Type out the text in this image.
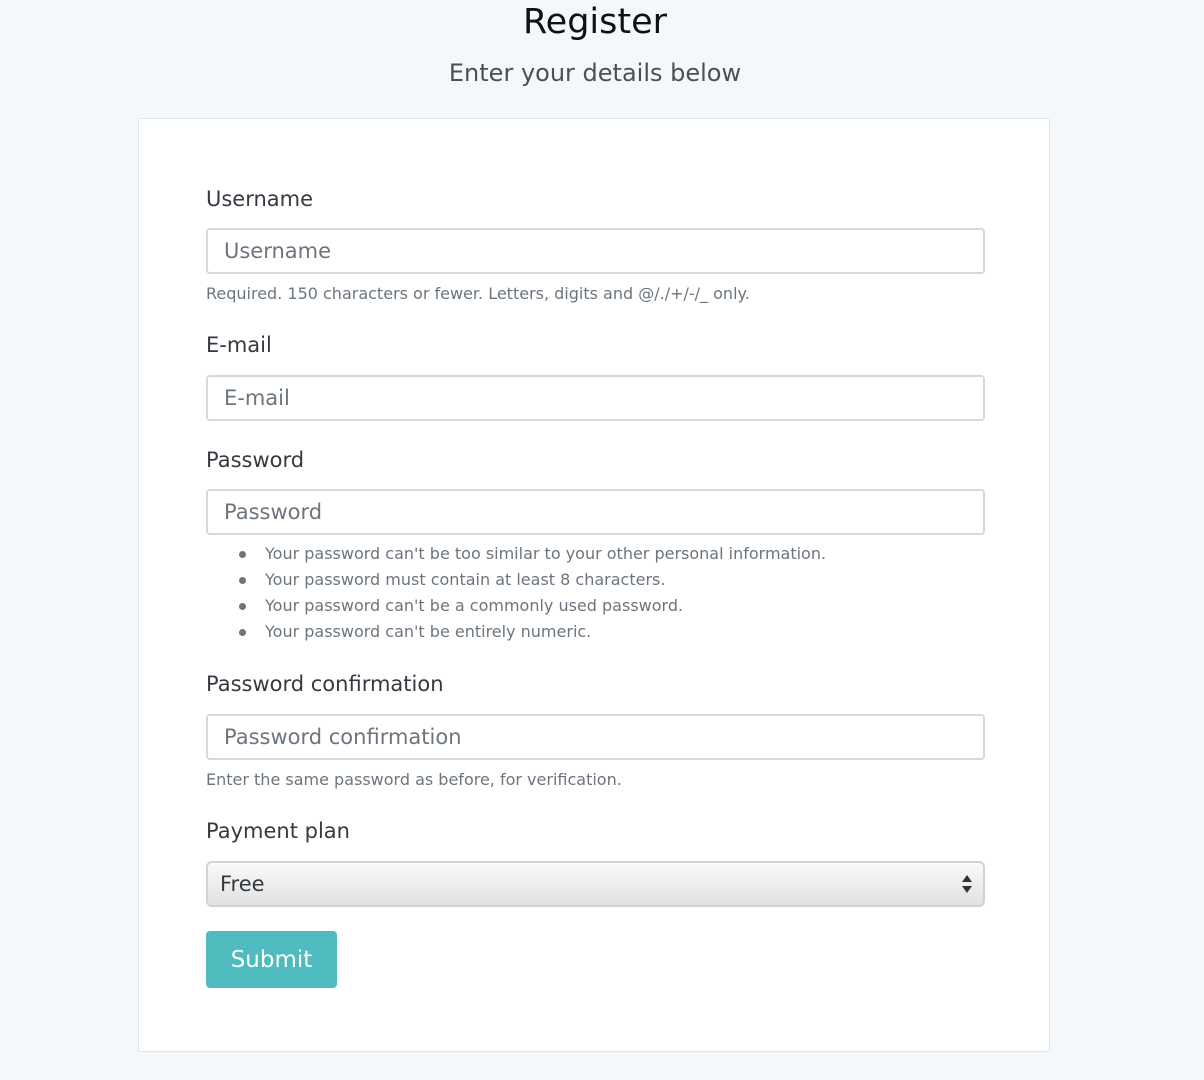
Register
Enter your details below
Username
Username
Required. 150 characters or fewer. Letters, digits and @/./+/-/_ only.
E-mail
E-mail
Password
Your password can't be too similar to your other personal information.
Your password must contain at least 8 characters.
Your password can't be a commonly used password.
Your password can't be entirely numeric.
Password confirmation
Enter the same password as before, for verification.
Payment plan
Free
Submit
